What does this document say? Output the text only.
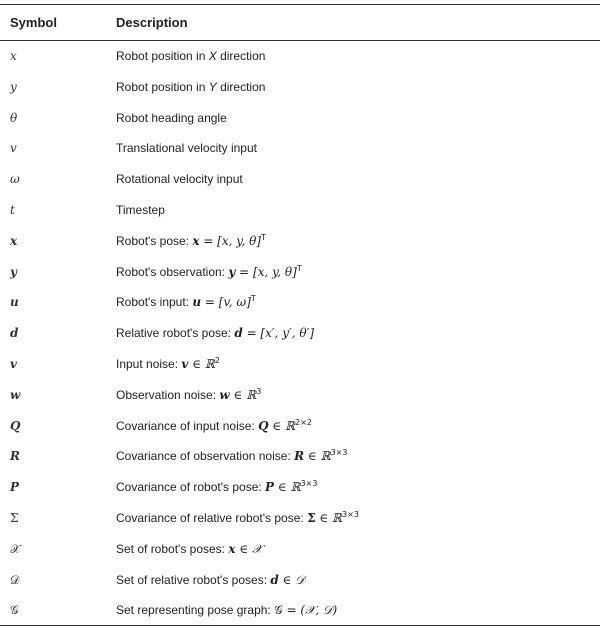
Symbol	Description
x	Robot position in X direction
y	Robot position in Y direction
θ	Robot heading angle
v	Translational velocity input
ω	Rotational velocity input
t	Timestep
x	Robot's pose: x = [x, y, θ]$^T$
y	Robot's observation: y = [x, y, θ]$^T$
u	Robot's input: u = [v, ω]$^T$
d	Relative robot's pose: d = [x′, y′, θ′]
v	Input noise: v ∈ ℝ$^2$
w	Observation noise: w ∈ ℝ$^3$
Q	Covariance of input noise: Q ∈ ℝ$^{2\times 2}$
R	Covariance of observation noise: R ∈ ℝ$^{3\times 3}$
P	Covariance of robot's pose: P ∈ ℝ$^{3\times 3}$
Σ	Covariance of relative robot's pose: Σ ∈ ℝ$^{3\times 3}$
𝒳	Set of robot's poses: x ∈ 𝒳
𝒟	Set of relative robot's poses: d ∈ 𝒟
𝒢	Set representing pose graph: 𝒢 = (𝒳, 𝒟)
